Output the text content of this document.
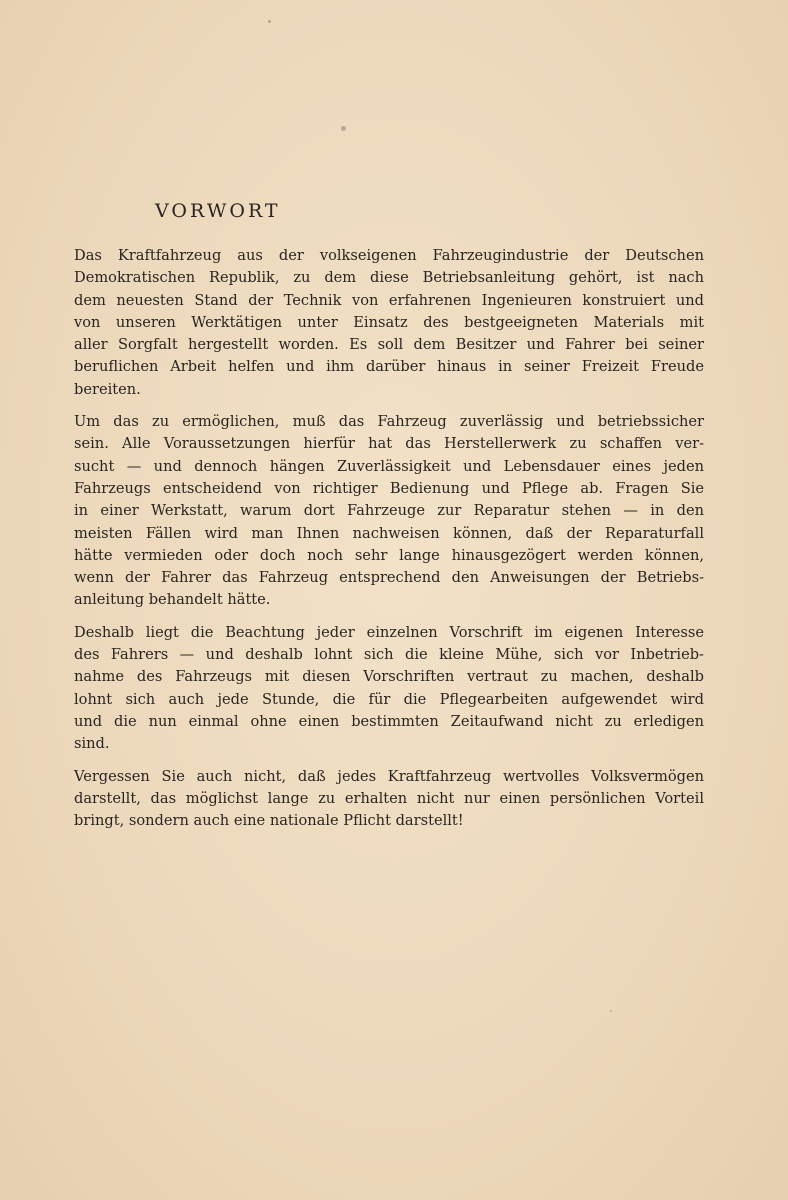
VORWORT

Das Kraftfahrzeug aus der volkseigenen Fahrzeugindustrie der Deutschen
Demokratischen Republik, zu dem diese Betriebsanleitung gehört, ist nach
dem neuesten Stand der Technik von erfahrenen Ingenieuren konstruiert und
von unseren Werktätigen unter Einsatz des bestgeeigneten Materials mit
aller Sorgfalt hergestellt worden. Es soll dem Besitzer und Fahrer bei seiner
beruflichen Arbeit helfen und ihm darüber hinaus in seiner Freizeit Freude
bereiten.

Um das zu ermöglichen, muß das Fahrzeug zuverlässig und betriebssicher
sein. Alle Voraussetzungen hierfür hat das Herstellerwerk zu schaffen ver-
sucht — und dennoch hängen Zuverlässigkeit und Lebensdauer eines jeden
Fahrzeugs entscheidend von richtiger Bedienung und Pflege ab. Fragen Sie
in einer Werkstatt, warum dort Fahrzeuge zur Reparatur stehen — in den
meisten Fällen wird man Ihnen nachweisen können, daß der Reparaturfall
hätte vermieden oder doch noch sehr lange hinausgezögert werden können,
wenn der Fahrer das Fahrzeug entsprechend den Anweisungen der Betriebs-
anleitung behandelt hätte.

Deshalb liegt die Beachtung jeder einzelnen Vorschrift im eigenen Interesse
des Fahrers — und deshalb lohnt sich die kleine Mühe, sich vor Inbetrieb-
nahme des Fahrzeugs mit diesen Vorschriften vertraut zu machen, deshalb
lohnt sich auch jede Stunde, die für die Pflegearbeiten aufgewendet wird
und die nun einmal ohne einen bestimmten Zeitaufwand nicht zu erledigen
sind.

Vergessen Sie auch nicht, daß jedes Kraftfahrzeug wertvolles Volksvermögen
darstellt, das möglichst lange zu erhalten nicht nur einen persönlichen Vorteil
bringt, sondern auch eine nationale Pflicht darstellt!
